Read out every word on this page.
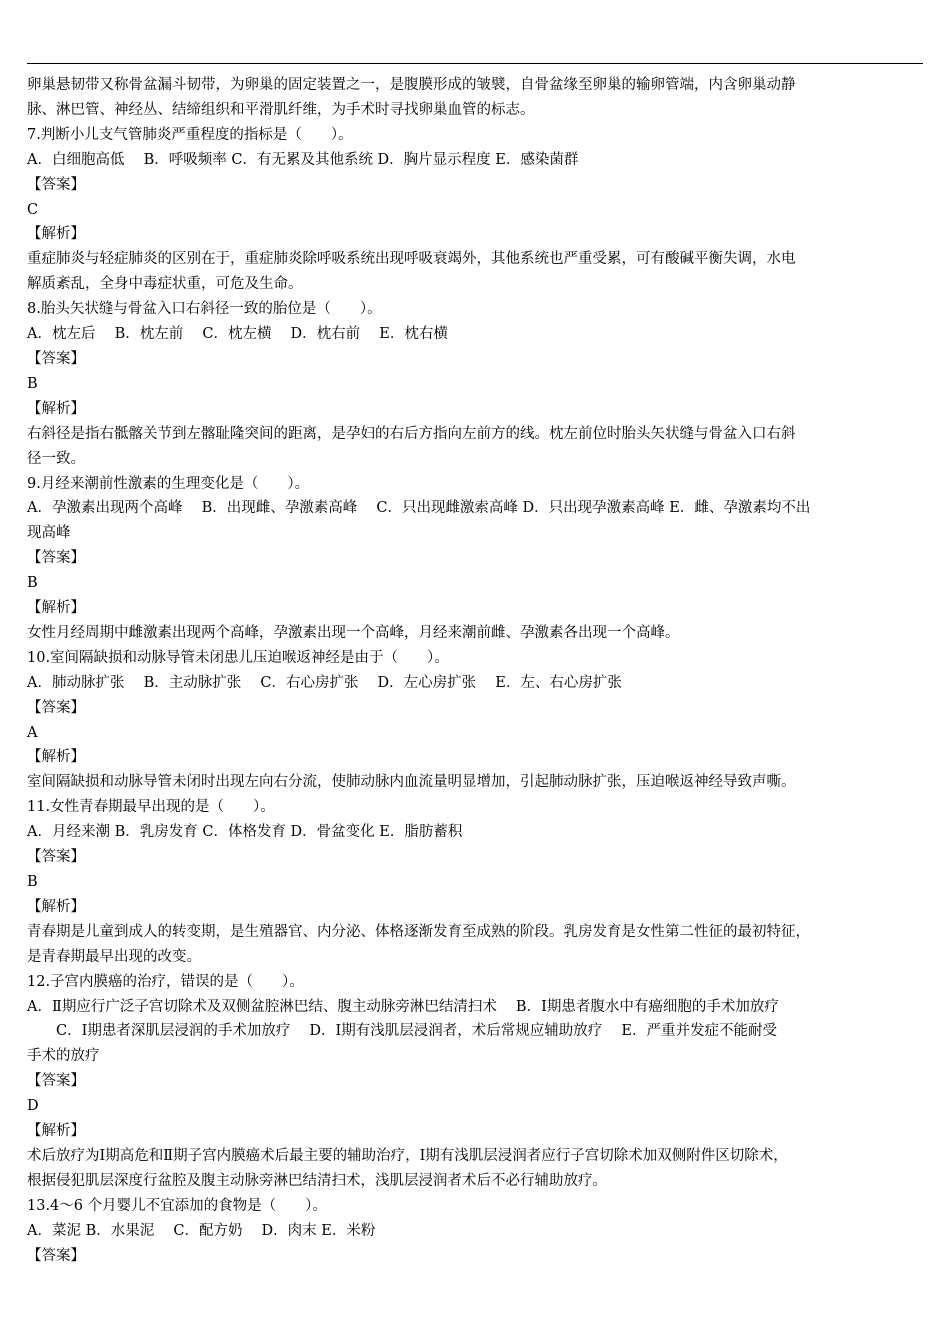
卵巢悬韧带又称骨盆漏斗韧带，为卵巢的固定装置之一，是腹膜形成的皱襞，自骨盆缘至卵巢的输卵管端，内含卵巢动静

脉、淋巴管、神经丛、结缔组织和平滑肌纤维，为手术时寻找卵巢血管的标志。

7.判断小儿支气管肺炎严重程度的指标是（　　）。

A．白细胞高低　 B．呼吸频率 C．有无累及其他系统 D．胸片显示程度 E．感染菌群

【答案】

C

【解析】

重症肺炎与轻症肺炎的区别在于，重症肺炎除呼吸系统出现呼吸衰竭外，其他系统也严重受累，可有酸碱平衡失调，水电

解质紊乱，全身中毒症状重，可危及生命。

8.胎头矢状缝与骨盆入口右斜径一致的胎位是（　　）。

A．枕左后　 B．枕左前　 C．枕左横　 D．枕右前　 E．枕右横

【答案】

B

【解析】

右斜径是指右骶髂关节到左髂耻隆突间的距离，是孕妇的右后方指向左前方的线。枕左前位时胎头矢状缝与骨盆入口右斜

径一致。

9.月经来潮前性激素的生理变化是（　　）。

A．孕激素出现两个高峰　 B．出现雌、孕激素高峰　 C．只出现雌激索高峰 D．只出现孕激素高峰 E．雌、孕激素均不出

现高峰

【答案】

B

【解析】

女性月经周期中雌激素出现两个高峰，孕激素出现一个高峰，月经来潮前雌、孕激素各出现一个高峰。

10.室间隔缺损和动脉导管未闭患儿压迫喉返神经是由于（　　）。

A．肺动脉扩张　 B．主动脉扩张　 C．右心房扩张　 D．左心房扩张　 E．左、右心房扩张

【答案】

A

【解析】

室间隔缺损和动脉导管未闭时出现左向右分流，使肺动脉内血流量明显增加，引起肺动脉扩张，压迫喉返神经导致声嘶。

11.女性青春期最早出现的是（　　）。

A．月经来潮 B．乳房发育 C．体格发育 D．骨盆变化 E．脂肪蓄积

【答案】

B

【解析】

青春期是儿童到成人的转变期，是生殖器官、内分泌、体格逐渐发育至成熟的阶段。乳房发育是女性第二性征的最初特征，

是青春期最早出现的改变。

12.子宫内膜癌的治疗，错误的是（　　）。

A．Ⅱ期应行广泛子宫切除术及双侧盆腔淋巴结、腹主动脉旁淋巴结清扫术　 B．Ⅰ期患者腹水中有癌细胞的手术加放疗

　　C．Ⅰ期患者深肌层浸润的手术加放疗　 D．Ⅰ期有浅肌层浸润者，术后常规应辅助放疗　 E．严重并发症不能耐受

手术的放疗

【答案】

D

【解析】

术后放疗为Ⅰ期高危和Ⅱ期子宫内膜癌术后最主要的辅助治疗，Ⅰ期有浅肌层浸润者应行子宫切除术加双侧附件区切除术，

根据侵犯肌层深度行盆腔及腹主动脉旁淋巴结清扫术，浅肌层浸润者术后不必行辅助放疗。

13.4～6 个月婴儿不宜添加的食物是（　　）。

A．菜泥 B．水果泥　 C．配方奶　 D．肉末 E．米粉

【答案】
